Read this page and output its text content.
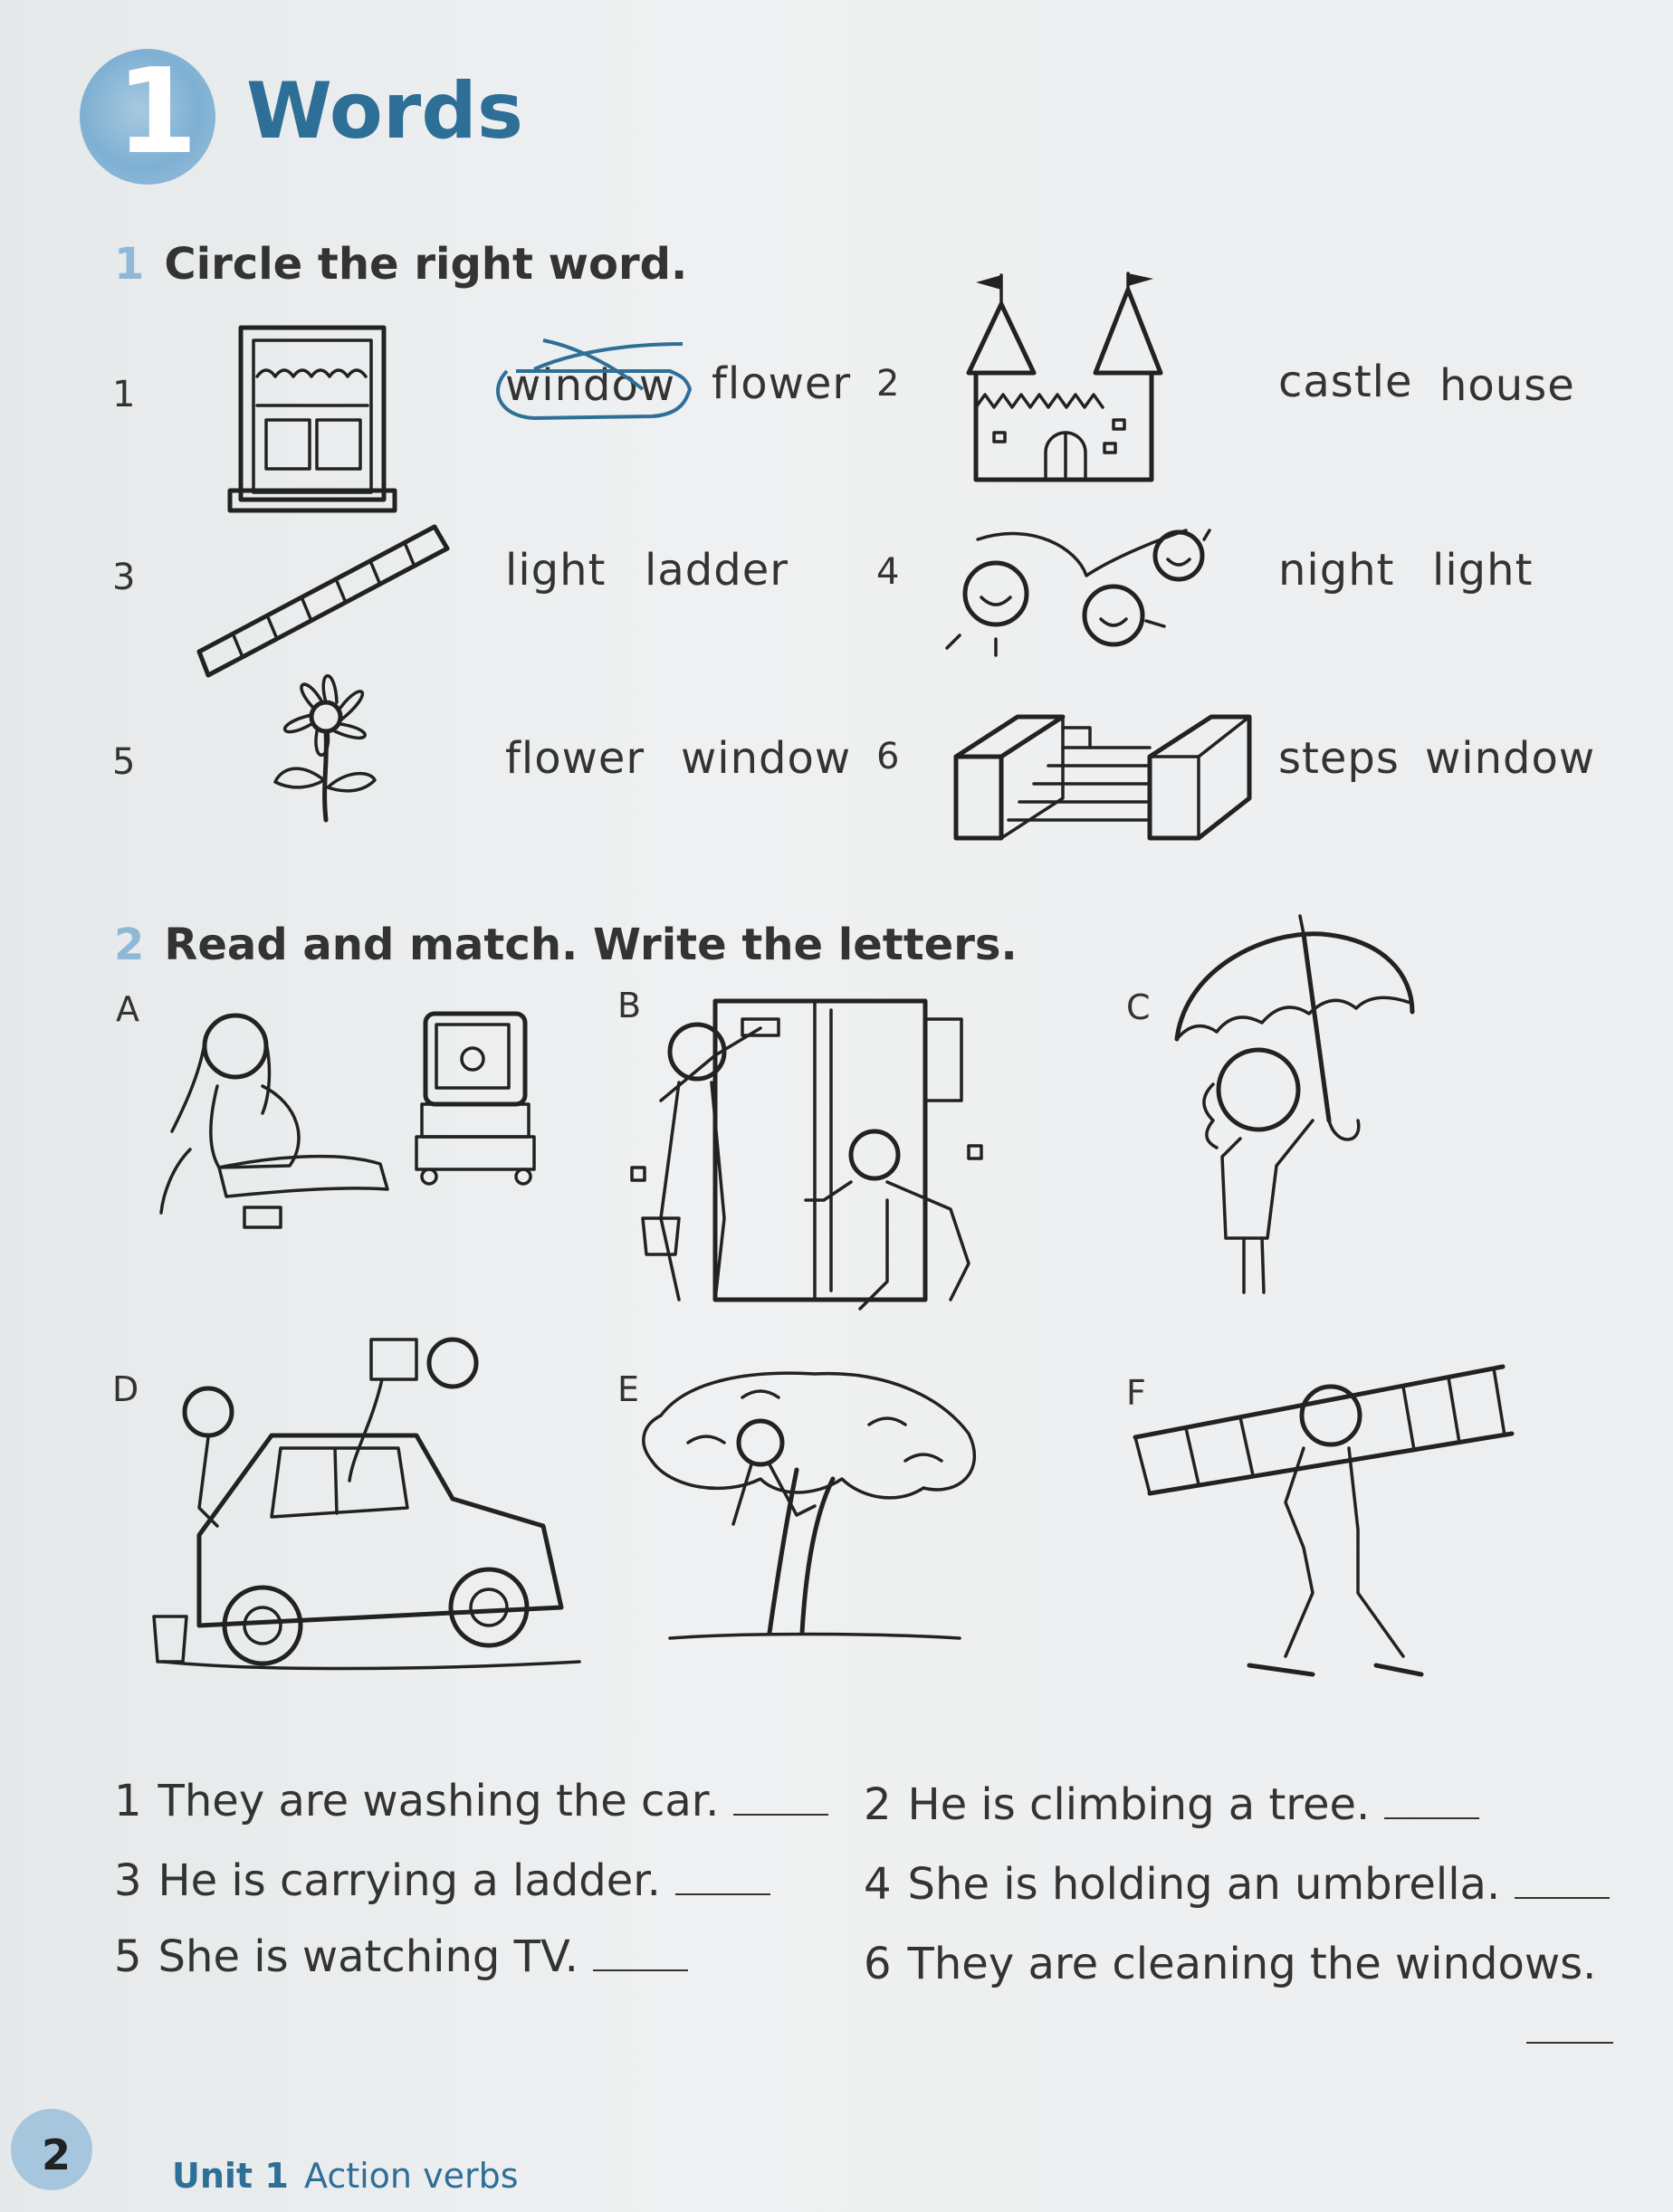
1 Words
1 Circle the right word.
1	2
3	4
5	6
window flower	castle house
light ladder	night light
flower window	steps window
2 Read and match. Write the letters.
A	B	C
D	E	F
1 They are washing the car.	2 He is climbing a tree.
3 He is carrying a ladder.	4 She is holding an umbrella.
5 She is watching TV.	6 They are cleaning the windows.
2	Unit 1 Action verbs
